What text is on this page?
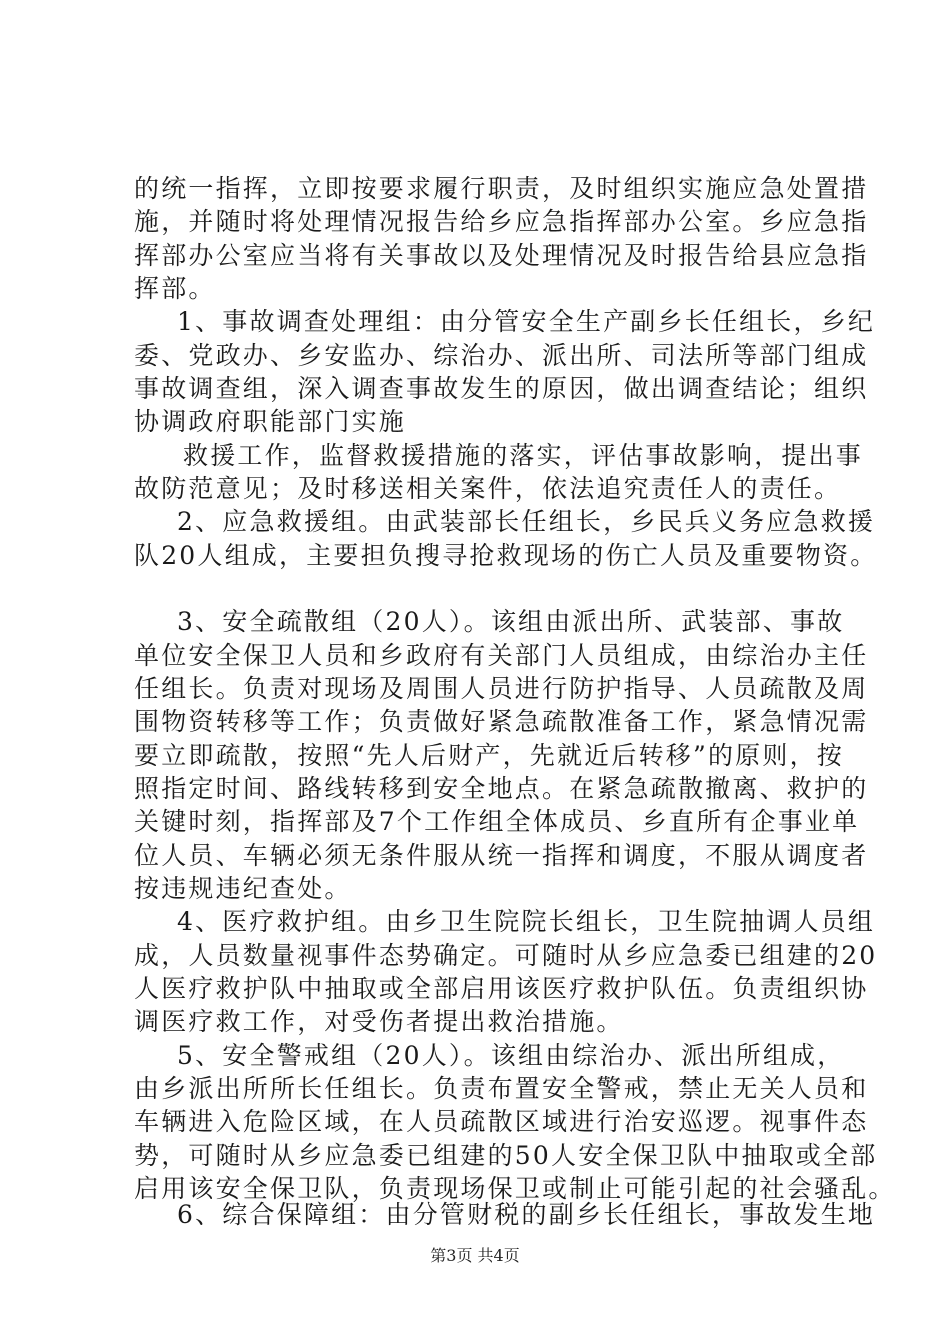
的统一指挥，立即按要求履行职责，及时组织实施应急处置措
施，并随时将处理情况报告给乡应急指挥部办公室。乡应急指
挥部办公室应当将有关事故以及处理情况及时报告给县应急指
挥部。
1、事故调查处理组：由分管安全生产副乡长任组长，乡纪
委、党政办、乡安监办、综治办、派出所、司法所等部门组成
事故调查组，深入调查事故发生的原因，做出调查结论；组织
协调政府职能部门实施
救援工作，监督救援措施的落实，评估事故影响，提出事
故防范意见；及时移送相关案件，依法追究责任人的责任。
2、应急救援组。由武装部长任组长，乡民兵义务应急救援
队20人组成，主要担负搜寻抢救现场的伤亡人员及重要物资。
3、安全疏散组（20人）。该组由派出所、武装部、事故
单位安全保卫人员和乡政府有关部门人员组成，由综治办主任
任组长。负责对现场及周围人员进行防护指导、人员疏散及周
围物资转移等工作；负责做好紧急疏散准备工作，紧急情况需
要立即疏散，按照“先人后财产，先就近后转移”的原则，按
照指定时间、路线转移到安全地点。在紧急疏散撤离、救护的
关键时刻，指挥部及7个工作组全体成员、乡直所有企事业单
位人员、车辆必须无条件服从统一指挥和调度，不服从调度者
按违规违纪查处。
4、医疗救护组。由乡卫生院院长组长，卫生院抽调人员组
成，人员数量视事件态势确定。可随时从乡应急委已组建的20
人医疗救护队中抽取或全部启用该医疗救护队伍。负责组织协
调医疗救工作，对受伤者提出救治措施。
5、安全警戒组（20人）。该组由综治办、派出所组成，
由乡派出所所长任组长。负责布置安全警戒，禁止无关人员和
车辆进入危险区域，在人员疏散区域进行治安巡逻。视事件态
势，可随时从乡应急委已组建的50人安全保卫队中抽取或全部
启用该安全保卫队，负责现场保卫或制止可能引起的社会骚乱。
6、综合保障组：由分管财税的副乡长任组长，事故发生地
第3页 共4页
